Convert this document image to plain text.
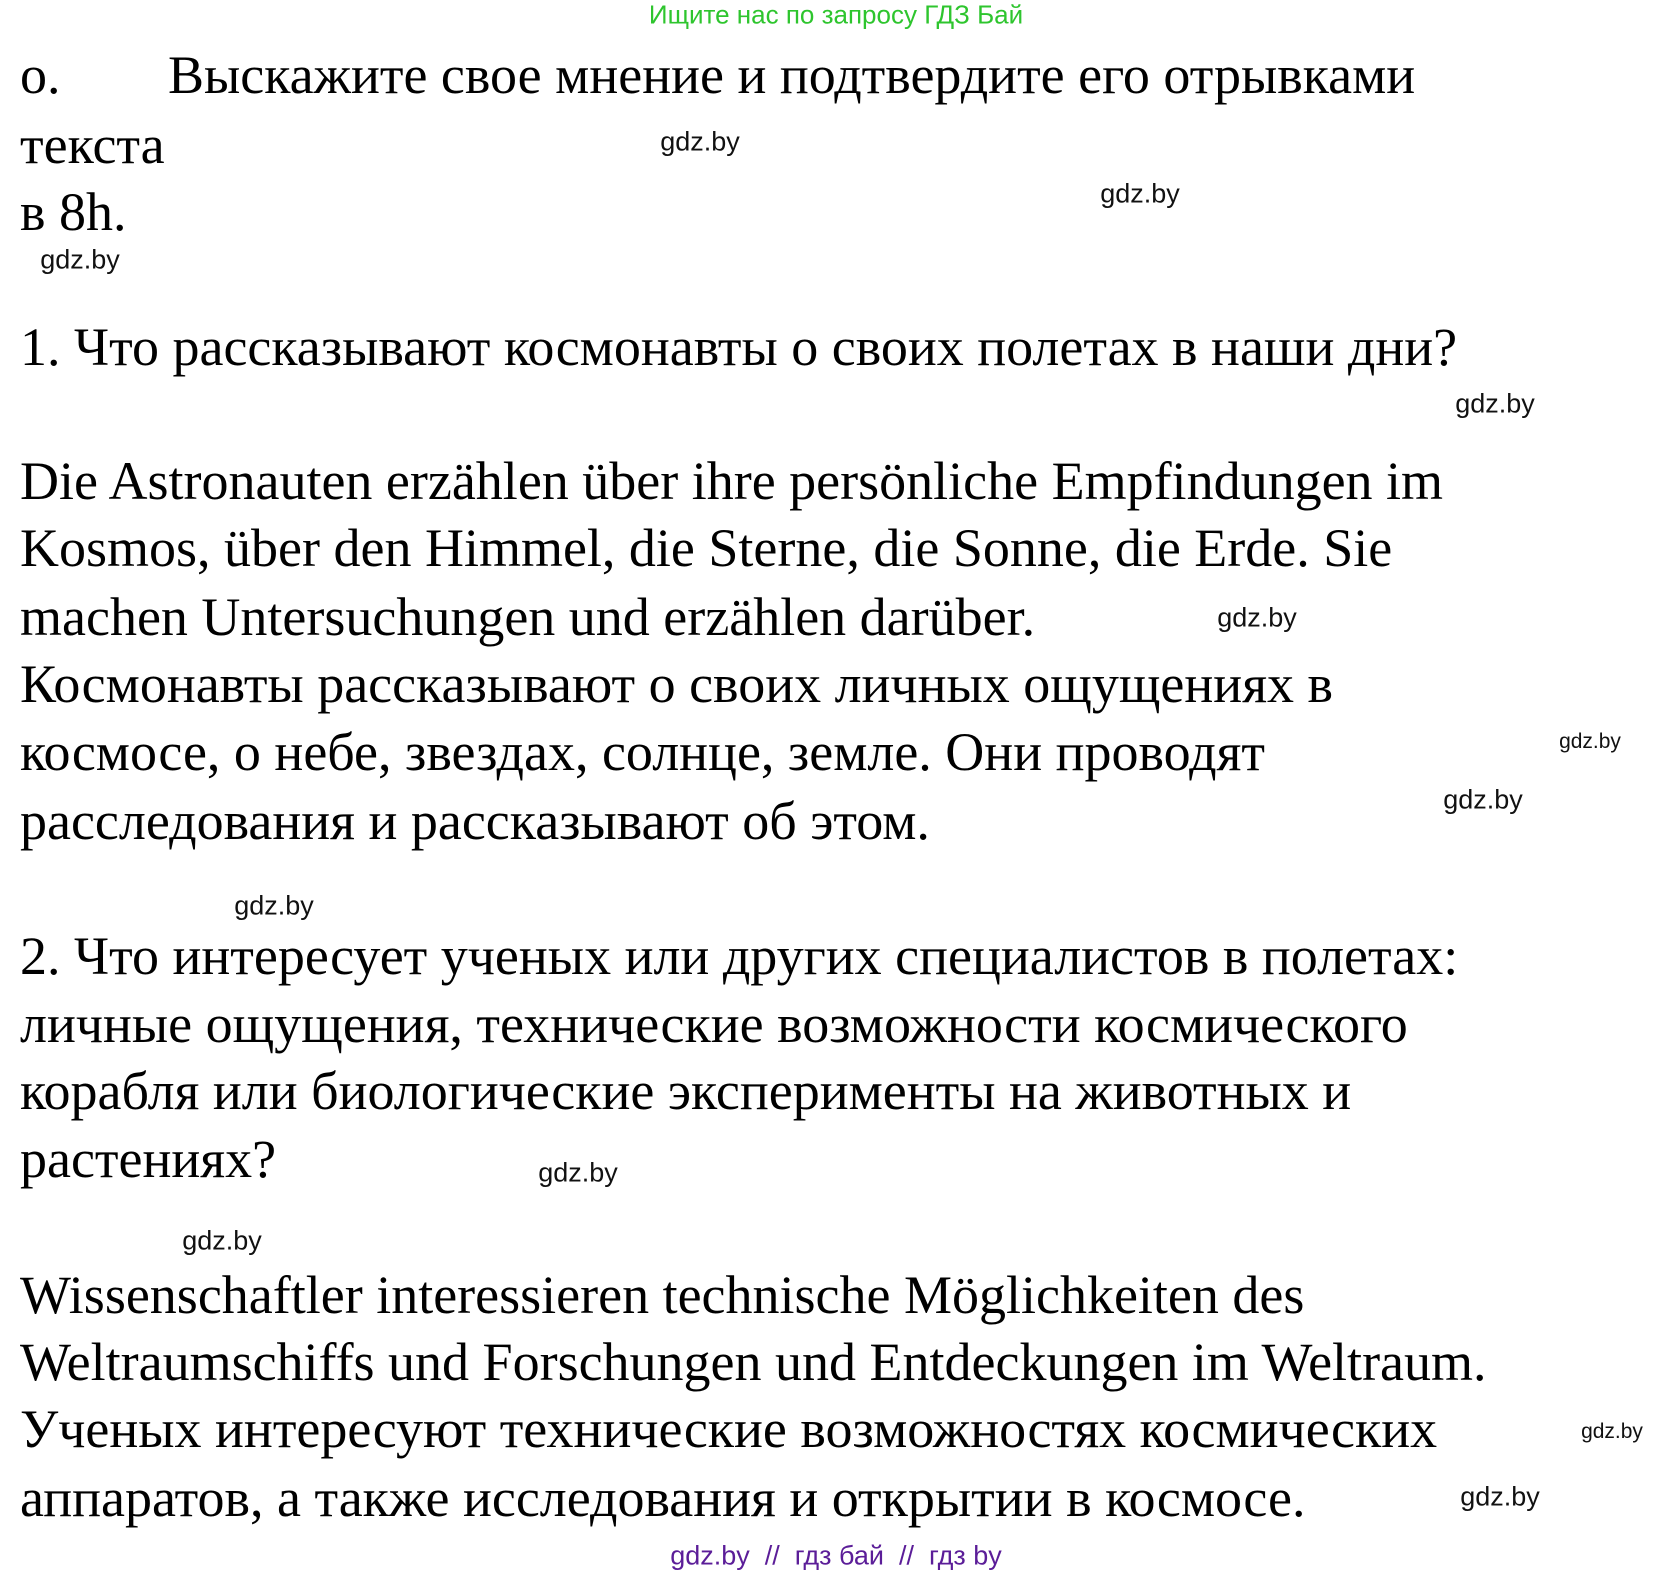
Ищите нас по запросу ГДЗ Бай
o. Выскажите свое мнение и подтвердите его отрывками
текста
в 8h.
1. Что рассказывают космонавты о своих полетах в наши дни?
Die Astronauten erzählen über ihre persönliche Empfindungen im
Kosmos, über den Himmel, die Sterne, die Sonne, die Erde. Sie
machen Untersuchungen und erzählen darüber.
Космонавты рассказывают о своих личных ощущениях в
космосе, о небе, звездах, солнце, земле. Они проводят
расследования и рассказывают об этом.
2. Что интересует ученых или других специалистов в полетах:
личные ощущения, технические возможности космического
корабля или биологические эксперименты на животных и
растениях?
Wissenschaftler interessieren technische Möglichkeiten des
Weltraumschiffs und Forschungen und Entdeckungen im Weltraum.
Ученых интересуют технические возможностях космических
аппаратов, а также исследования и открытии в космосе.
gdz.by
gdz.by
gdz.by
gdz.by
gdz.by
gdz.by
gdz.by
gdz.by
gdz.by
gdz.by
gdz.by
gdz.by
gdz.by  //  гдз бай  //  гдз by
